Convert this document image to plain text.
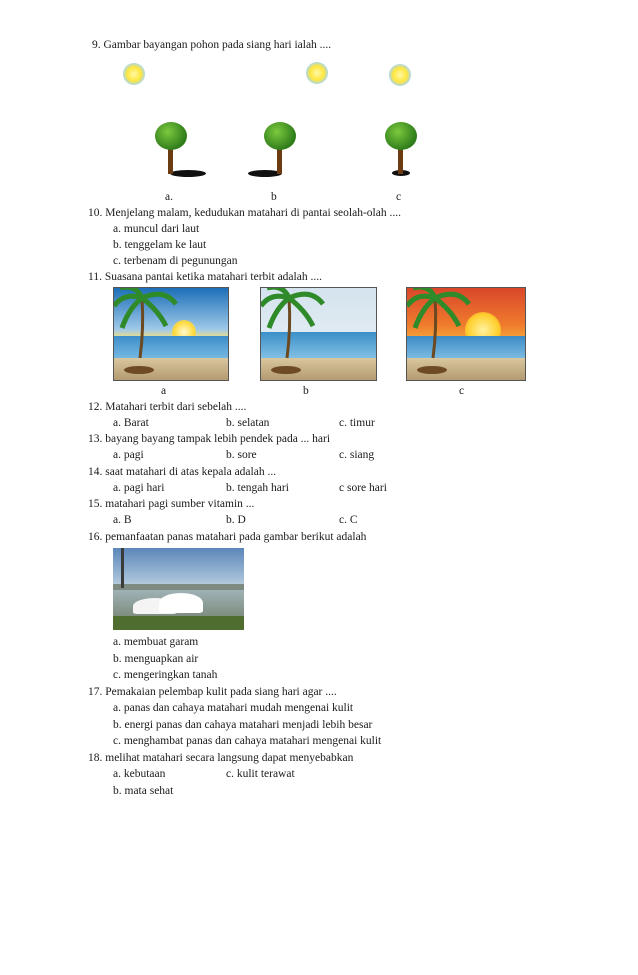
9. Gambar bayangan pohon pada siang hari ialah ....
a.	b	c
10. Menjelang malam, kedudukan matahari di pantai seolah-olah ....
a. muncul dari laut
b. tenggelam ke laut
c. terbenam di pegunungan
11. Suasana pantai ketika matahari terbit adalah ....
a	b	c
12. Matahari terbit dari sebelah ....
a. Barat	b. selatan	c. timur
13. bayang bayang tampak lebih pendek pada ... hari
a. pagi	b. sore	c. siang
14. saat matahari di atas kepala adalah ...
a. pagi hari	b. tengah hari	c sore hari
15. matahari pagi sumber vitamin ...
a. B	b. D	c. C
16. pemanfaatan panas matahari pada gambar berikut adalah
a. membuat garam
b. menguapkan air
c. mengeringkan tanah
17. Pemakaian pelembap kulit pada siang hari agar ....
a. panas dan cahaya matahari mudah mengenai kulit
b. energi panas dan cahaya matahari menjadi lebih besar
c. menghambat panas dan cahaya matahari mengenai kulit
18. melihat matahari secara langsung dapat menyebabkan
a. kebutaan	c. kulit terawat
b. mata sehat
